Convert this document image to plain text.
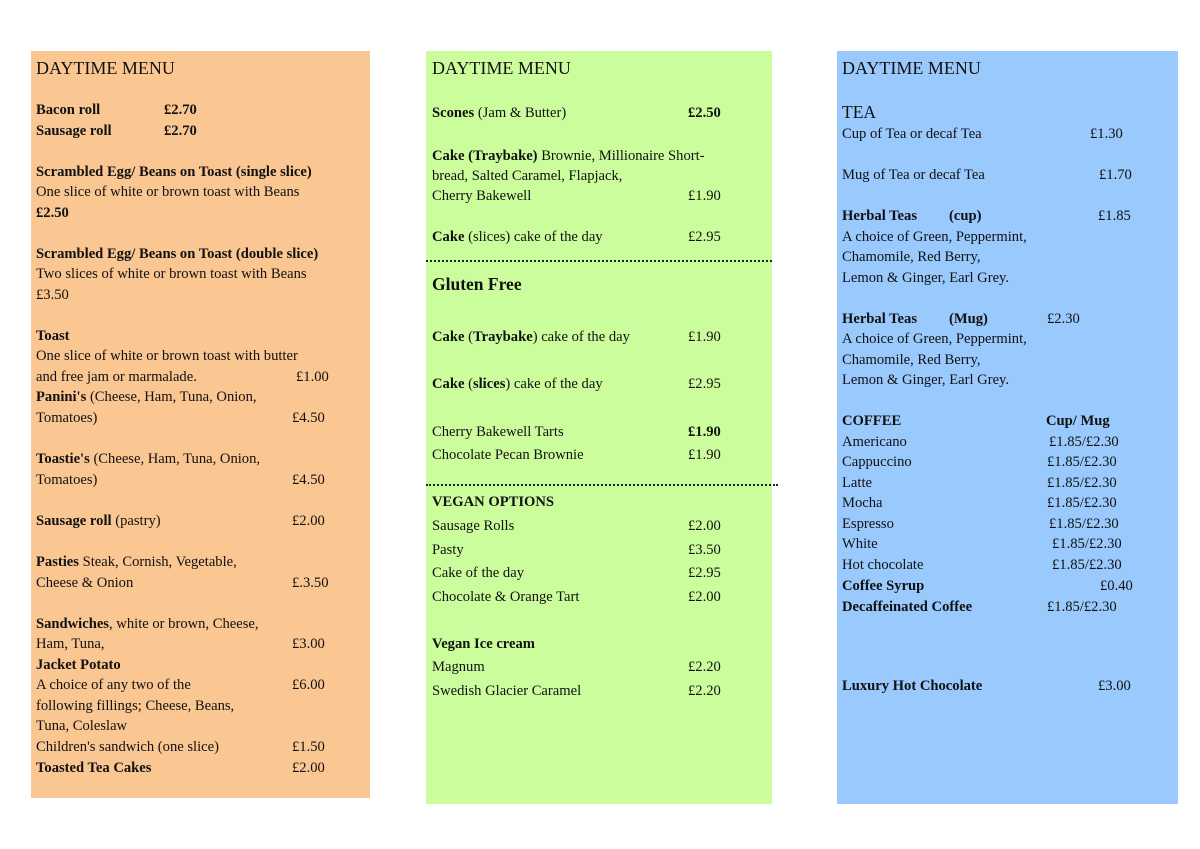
DAYTIME MENU
Bacon roll	£2.70
Sausage roll	£2.70
Scrambled Egg/ Beans on Toast (single slice)
One slice of white or brown toast with Beans
£2.50
Scrambled Egg/ Beans on Toast (double slice)
Two slices of white or brown toast with Beans
£3.50
Toast
One slice of white or brown toast with butter
and free jam or marmalade.	£1.00
Panini's (Cheese, Ham, Tuna, Onion,
Tomatoes)	£4.50
Toastie's (Cheese, Ham, Tuna, Onion,
Tomatoes)	£4.50
Sausage roll (pastry)	£2.00
Pasties Steak, Cornish, Vegetable,
Cheese & Onion	£.3.50
Sandwiches, white or brown, Cheese,
Ham, Tuna,	£3.00
Jacket Potato
A choice of any two of the	£6.00
following fillings; Cheese, Beans,
Tuna, Coleslaw
Children's sandwich (one slice)	£1.50
Toasted Tea Cakes	£2.00
DAYTIME MENU
Scones (Jam & Butter)	£2.50
Cake (Traybake) Brownie, Millionaire Short-
bread, Salted Caramel, Flapjack,
Cherry Bakewell	£1.90
Cake (slices) cake of the day	£2.95
Gluten Free
Cake (Traybake) cake of the day	£1.90
Cake (slices) cake of the day	£2.95
Cherry Bakewell Tarts	£1.90
Chocolate Pecan Brownie	£1.90
VEGAN OPTIONS
Sausage Rolls	£2.00
Pasty	£3.50
Cake of the day	£2.95
Chocolate & Orange Tart	£2.00
Vegan Ice cream
Magnum	£2.20
Swedish Glacier Caramel	£2.20
DAYTIME MENU
TEA
Cup of Tea or decaf Tea	£1.30
Mug of Tea or decaf Tea	£1.70
Herbal Teas (cup)	£1.85
A choice of Green, Peppermint,
Chamomile, Red Berry,
Lemon & Ginger, Earl Grey.
Herbal Teas (Mug)	£2.30
A choice of Green, Peppermint,
Chamomile, Red Berry,
Lemon & Ginger, Earl Grey.
COFFEE	Cup/ Mug
Americano	£1.85/£2.30
Cappuccino	£1.85/£2.30
Latte	£1.85/£2.30
Mocha	£1.85/£2.30
Espresso	£1.85/£2.30
White	£1.85/£2.30
Hot chocolate	£1.85/£2.30
Coffee Syrup	£0.40
Decaffeinated Coffee	£1.85/£2.30
Luxury Hot Chocolate	£3.00
